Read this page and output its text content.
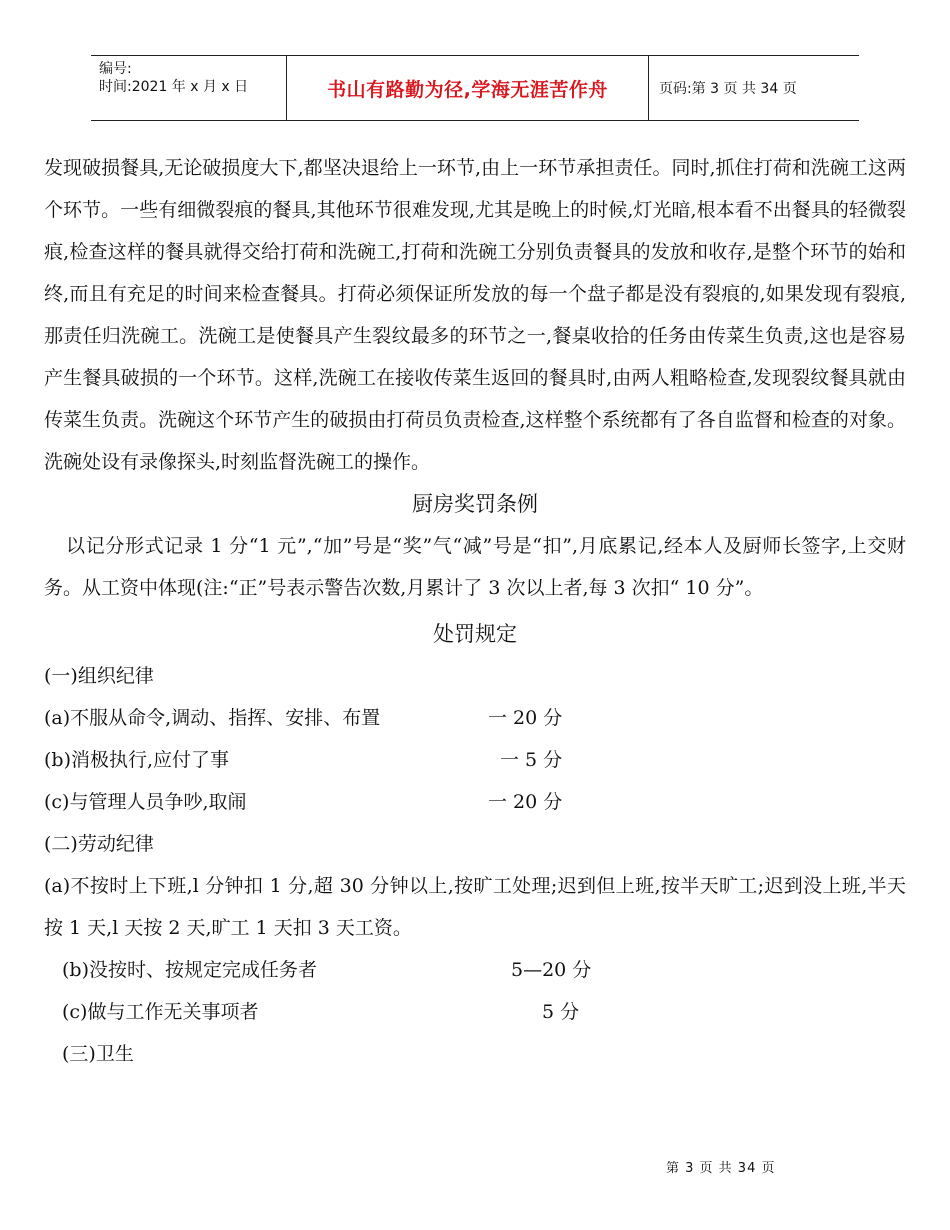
编号:
时间:2021 年 x 月 x 日	书山有路勤为径,学海无涯苦作舟	页码:第 3 页 共 34 页

发现破损餐具,无论破损度大下,都坚决退给上一环节,由上一环节承担责任。同时,抓住打荷和洗碗工这两个环节。一些有细微裂痕的餐具,其他环节很难发现,尤其是晚上的时候,灯光暗,根本看不出餐具的轻微裂痕,检查这样的餐具就得交给打荷和洗碗工,打荷和洗碗工分别负责餐具的发放和收存,是整个环节的始和终,而且有充足的时间来检查餐具。打荷必须保证所发放的每一个盘子都是没有裂痕的,如果发现有裂痕,那责任归洗碗工。洗碗工是使餐具产生裂纹最多的环节之一,餐桌收拾的任务由传菜生负责,这也是容易产生餐具破损的一个环节。这样,洗碗工在接收传菜生返回的餐具时,由两人粗略检查,发现裂纹餐具就由传菜生负责。洗碗这个环节产生的破损由打荷员负责检查,这样整个系统都有了各自监督和检查的对象。洗碗处设有录像探头,时刻监督洗碗工的操作。

厨房奖罚条例

以记分形式记录 1 分“1 元”,“加”号是“奖”气“减”号是“扣”,月底累记,经本人及厨师长签字,上交财务。从工资中体现(注:“正”号表示警告次数,月累计了 3 次以上者,每 3 次扣“ 10 分”。

处罚规定

(一)组织纪律
(a)不服从命令,调动、指挥、安排、布置	一 20 分
(b)消极执行,应付了事	一 5 分
(c)与管理人员争吵,取闹	一 20 分
(二)劳动纪律

(a)不按时上下班,l 分钟扣 1 分,超 30 分钟以上,按旷工处理;迟到但上班,按半天旷工;迟到没上班,半天按 1 天,l 天按 2 天,旷工 1 天扣 3 天工资。

(b)没按时、按规定完成任务者	5—20 分
(c)做与工作无关事项者	5 分
(三)卫生
第 3 页 共 34 页
